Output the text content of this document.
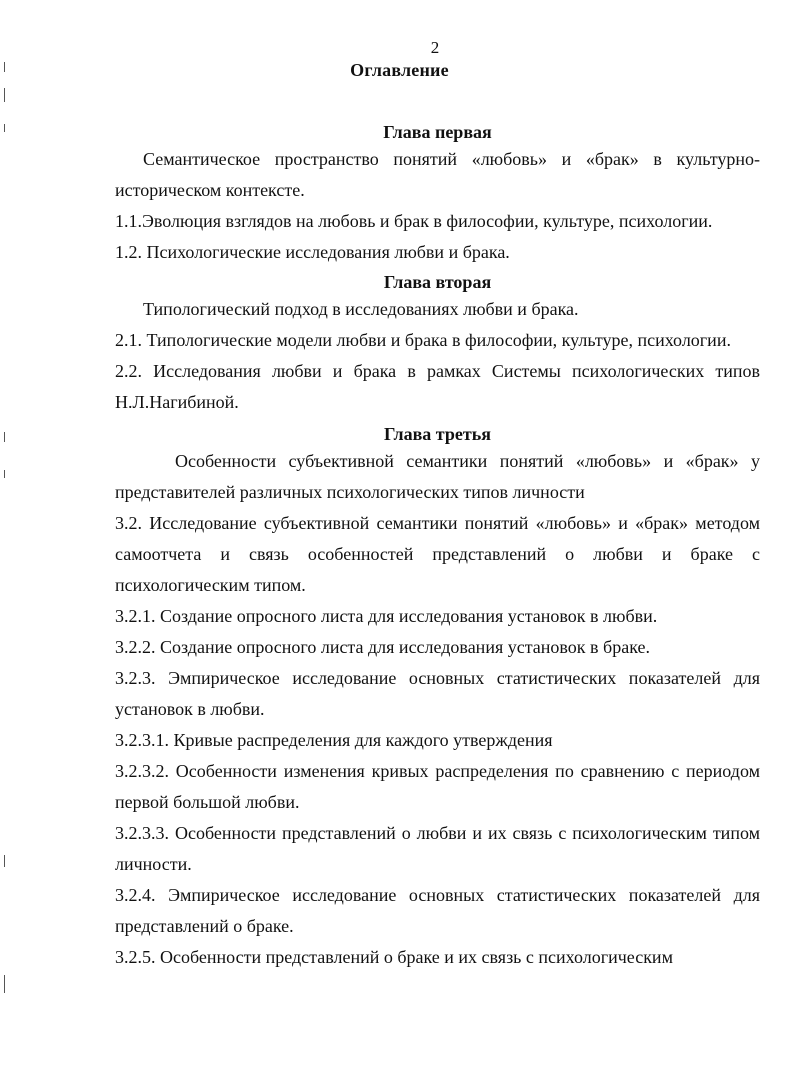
2
Оглавление
Глава первая

Семантическое пространство понятий «любовь» и «брак» в культурно-историческом контексте.

1.1.Эволюция взглядов на любовь и брак в философии, культуре, психологии.

1.2. Психологические исследования любви и брака.

Глава вторая

Типологический подход в исследованиях любви и брака.

2.1. Типологические модели любви и брака в философии, культуре, психологии.

2.2. Исследования любви и брака в рамках Системы психологических типов Н.Л.Нагибиной.

Глава третья

Особенности субъективной семантики понятий «любовь» и «брак» у представителей различных психологических типов личности

3.2. Исследование субъективной семантики понятий «любовь» и «брак» методом самоотчета и связь особенностей представлений о любви и браке с психологическим типом.

3.2.1. Создание опросного листа для исследования установок в любви.

3.2.2. Создание опросного листа для исследования установок в браке.

3.2.3. Эмпирическое исследование основных статистических показателей для установок в любви.

3.2.3.1. Кривые распределения для каждого утверждения

3.2.3.2. Особенности изменения кривых распределения по сравнению с периодом первой большой любви.

3.2.3.3. Особенности представлений о любви и их связь с психологическим типом личности.

3.2.4. Эмпирическое исследование основных статистических показателей для представлений о браке.

3.2.5. Особенности представлений о браке и их связь с психологическим
